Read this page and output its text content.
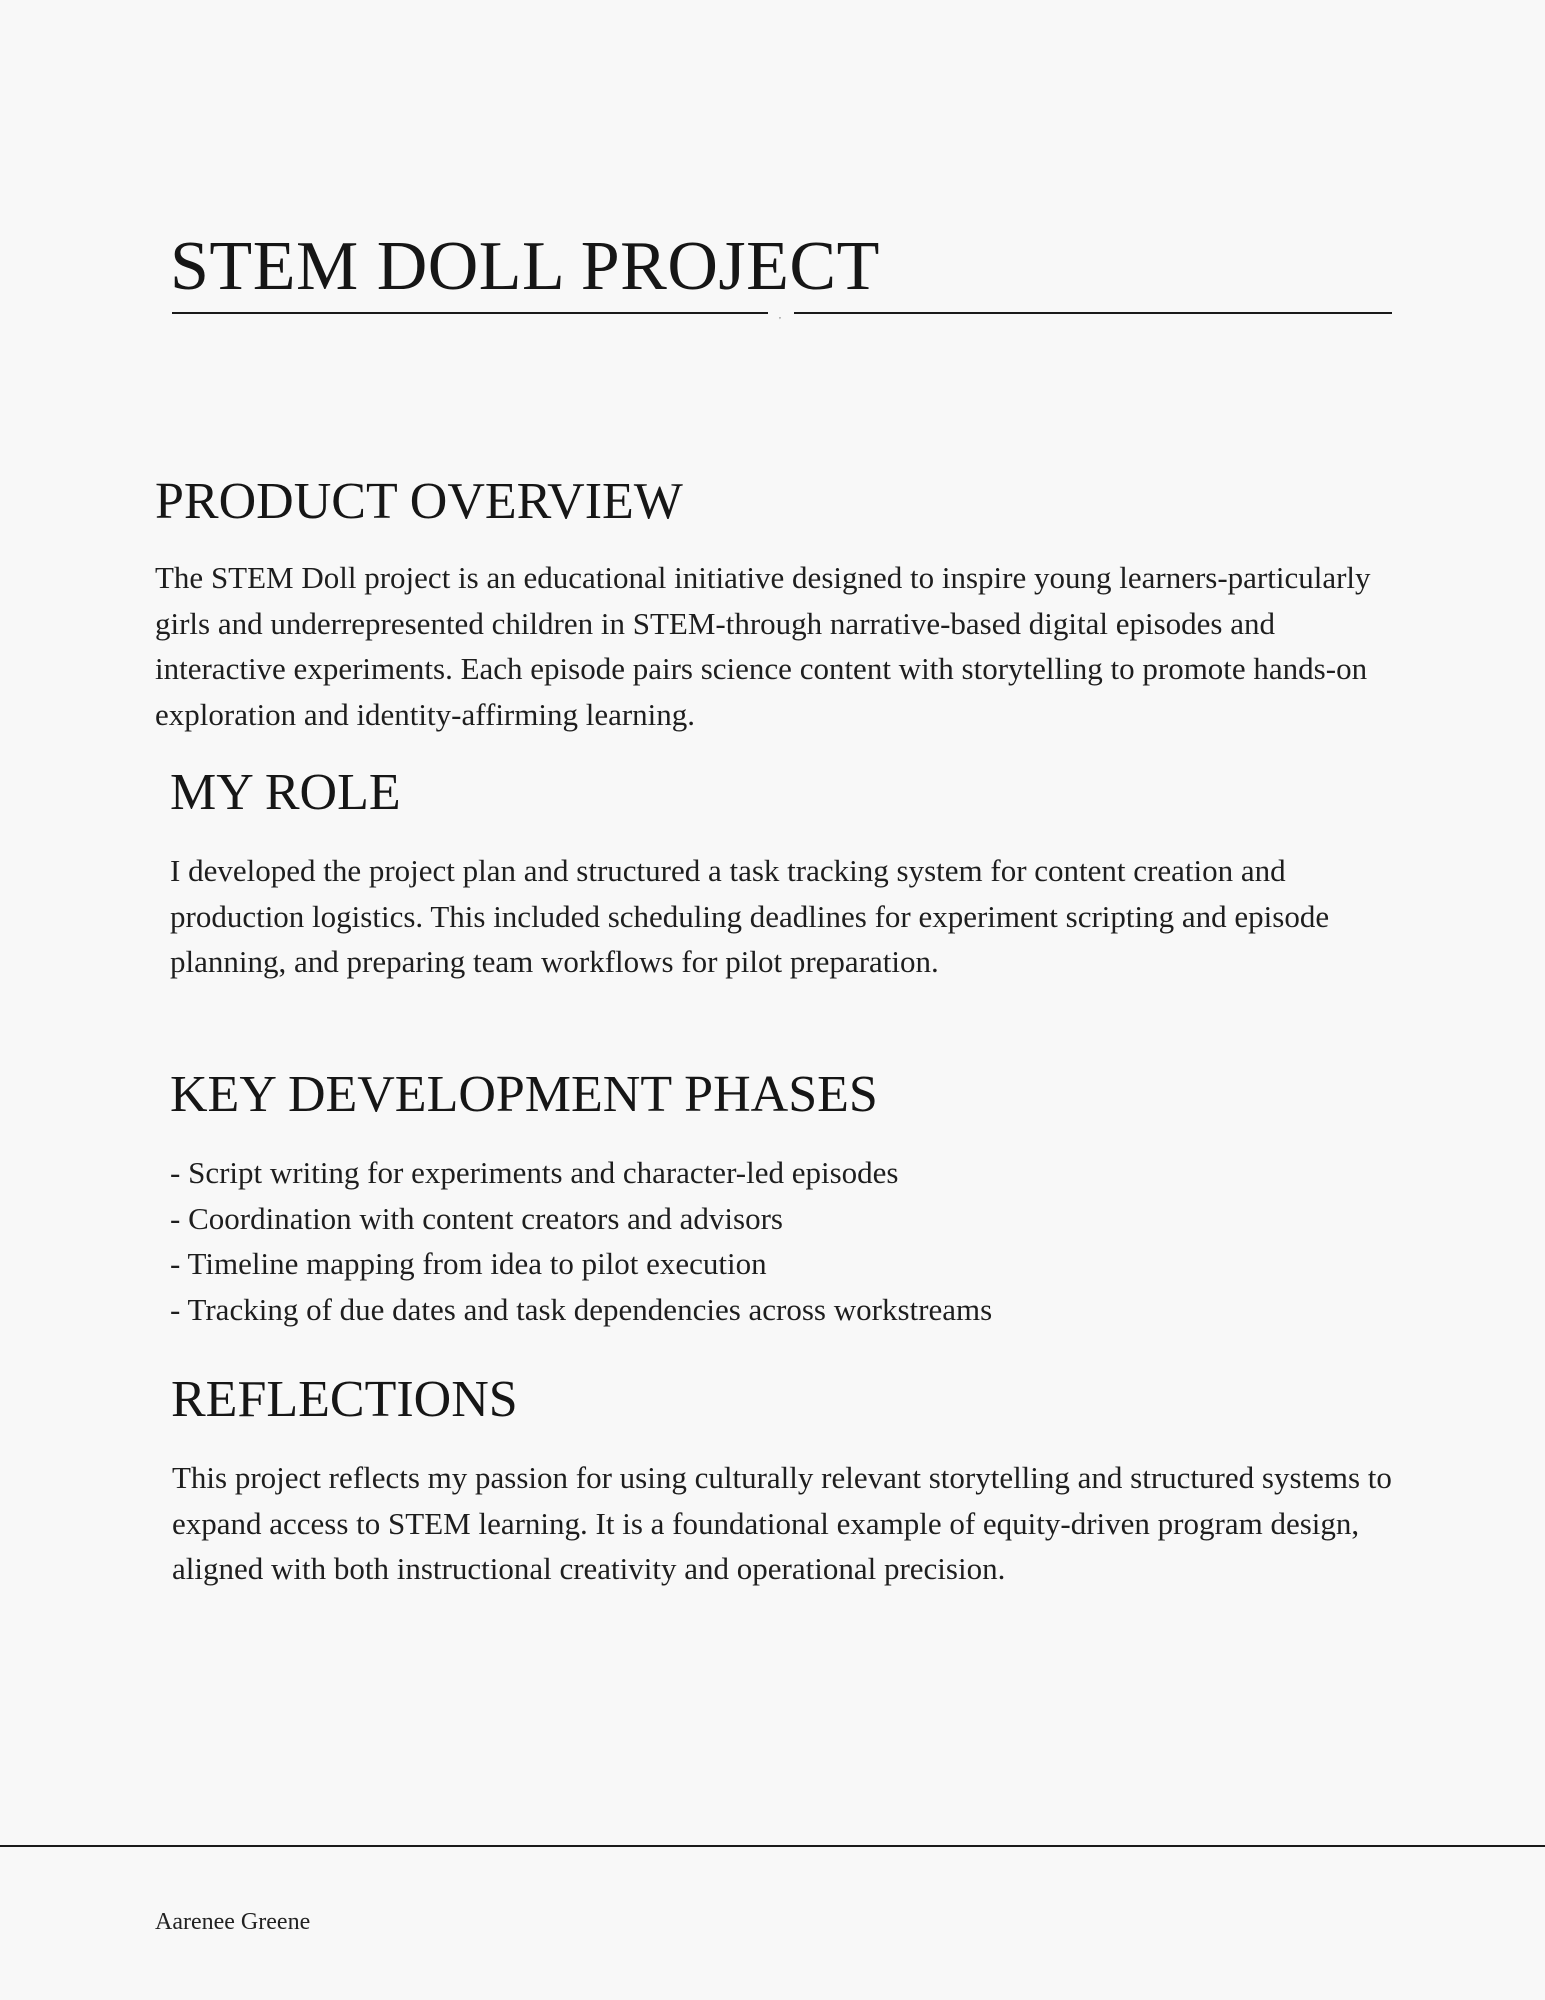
STEM DOLL PROJECT
,
PRODUCT OVERVIEW

The STEM Doll project is an educational initiative designed to inspire young learners-particularly girls and underrepresented children in STEM-through narrative-based digital episodes and interactive experiments. Each episode pairs science content with storytelling to promote hands-on exploration and identity-affirming learning.

MY ROLE

I developed the project plan and structured a task tracking system for content creation and production logistics. This included scheduling deadlines for experiment scripting and episode planning, and preparing team workflows for pilot preparation.

KEY DEVELOPMENT PHASES
- Script writing for experiments and character-led episodes
- Coordination with content creators and advisors
- Timeline mapping from idea to pilot execution
- Tracking of due dates and task dependencies across workstreams
REFLECTIONS

This project reflects my passion for using culturally relevant storytelling and structured systems to expand access to STEM learning. It is a foundational example of equity-driven program design, aligned with both instructional creativity and operational precision.

Aarenee Greene
